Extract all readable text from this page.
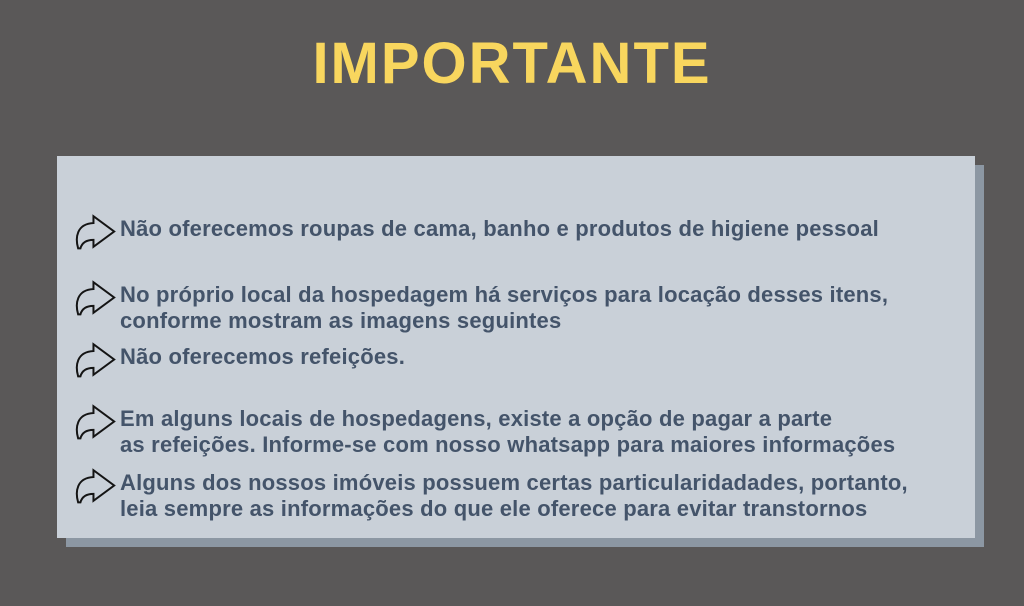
IMPORTANTE
Não oferecemos roupas de cama, banho e produtos de higiene pessoal
No próprio local da hospedagem há serviços para locação desses itens,
conforme mostram as imagens seguintes
Não oferecemos refeições.
Em alguns locais de hospedagens, existe a opção de pagar a parte
as refeições. Informe-se com nosso whatsapp para maiores informações
Alguns dos nossos imóveis possuem certas particularidadades, portanto,
leia sempre as informações do que ele oferece para evitar transtornos
